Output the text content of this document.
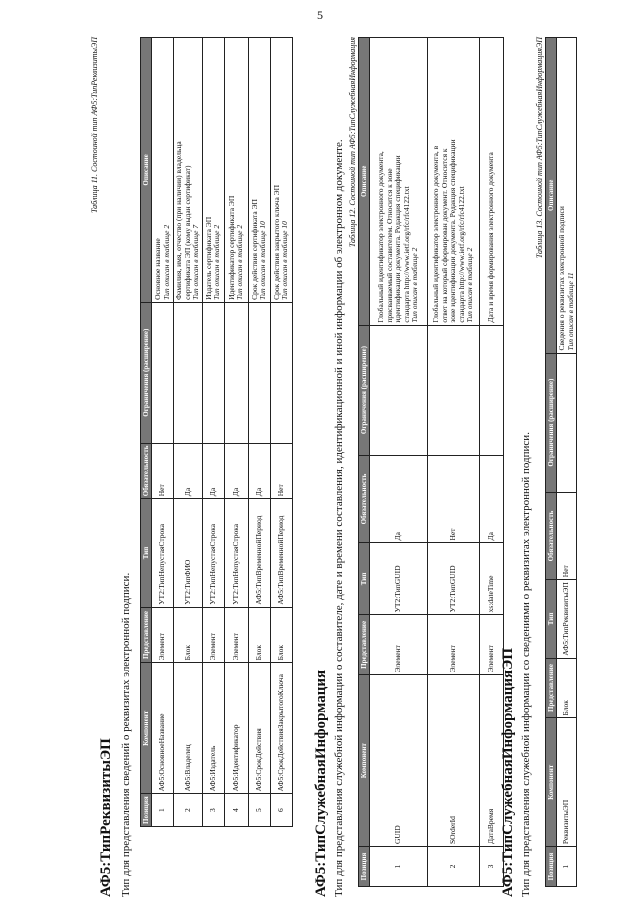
5
АФ5:ТипРеквизитыЭП Тип для представления сведений о реквизитах электронной подписи.
Таблица 11. Состоиной тип АФ5:ТипРеквизитыЭП
Позиция	Компонент	Представление	Тип	Обязательность	Ограничения (расширение)	Описание
1	АФ5:ОсновноеНазвание	Элемент	УТ2:ТипНепустаяСтрока	Нет		Основное название Тип описан в таблице 2

2	АФ5:Владелец	Блок	УТ2:ТипФИО	Да		Фамилия, имя, отчество (при наличии) владельца сертификата ЭП (кому выдан сертификат) Тип описан в таблице 7

3	АФ5:Издатель	Элемент	УТ2:ТипНепустаяСтрока	Да		Издатель сертификата ЭП Тип описан в таблице 2

4	АФ5:Идентификатор	Элемент	УТ2:ТипНепустаяСтрока	Да		Идентификатор сертификата ЭП Тип описан в таблице 2

5	АФ5:СрокДействия	Блок	АФ5:ТипВременнойПериод	Да		Срок действия сертификата ЭП Тип описан в таблице 10

6	АФ5:СрокДействияЗакрытогоКлюча	Блок	АФ5:ТипВременнойПериод	Нет		Срок действия закрытого ключа ЭП Тип описан в таблице 10
АФ5:ТипСлужебнаяИнформация Тип для представления служебной информации о составителе, дате и времени составления, идентификационной и иной информации об электронном документе. Таблица 12. Состоиной тип АФ5:ТипСлужебнаяИнформация
Позиция	Компонент	Представление	Тип	Обязательность	Ограничения (расширение)	Описание
1	GUID	Элемент	УТ2:ТипGUID	Да		Глобальный идентификатор электронного документа, присваиваемый составителем. Относится к зоне идентификации документа. Редакция спецификации стандарта http://www.ietf.org/rfc/rfc4122.txt Тип описан в таблице 2

2	SOrderId	Элемент	УТ2:ТипGUID	Нет		Глобальный идентификатор электронного документа, в ответ на который сформирован документ. Относится к зоне идентификации документа. Редакция спецификации стандарта http://www.ietf.org/rfc/rfc4122.txt Тип описан в таблице 2

3	ДатаВремя	Элемент	xs:dateTime	Да		Дата и время формирования электронного документа
АФ5:ТипСлужебнаяИнформацияЭП Тип для представления служебной информации со сведениями о реквизитах электронной подписи.
Таблица 13. Состоиной тип АФ5:ТипСлужебнаяИнформацияЭП
Позиция	Компонент	Представление	Тип	Обязательность	Ограничения (расширение)	Описание
1	РеквизитыЭП	Блок	АФ5:ТипРеквизитыЭП	Нет		Сведения о реквизитах электронной подписи Тип описан в таблице 11
